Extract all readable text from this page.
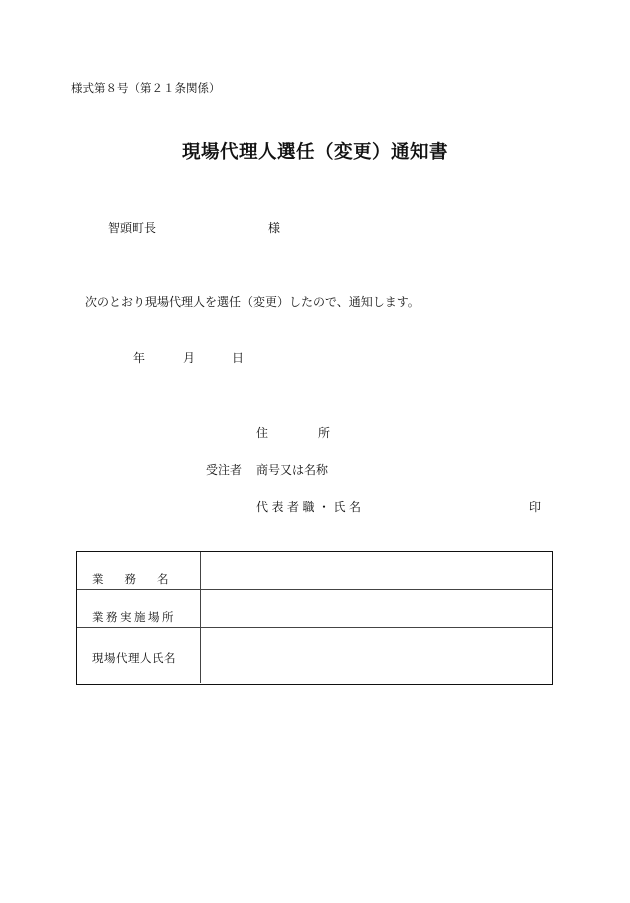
様式第８号（第２１条関係）
現場代理人選任（変更）通知書
智頭町長	様
次のとおり現場代理人を選任（変更）したので、通知します。
年	月	日
住	所
受注者 商号又は名称
代表者職・氏名	印
業務名
業務実施場所
現場代理人氏名
